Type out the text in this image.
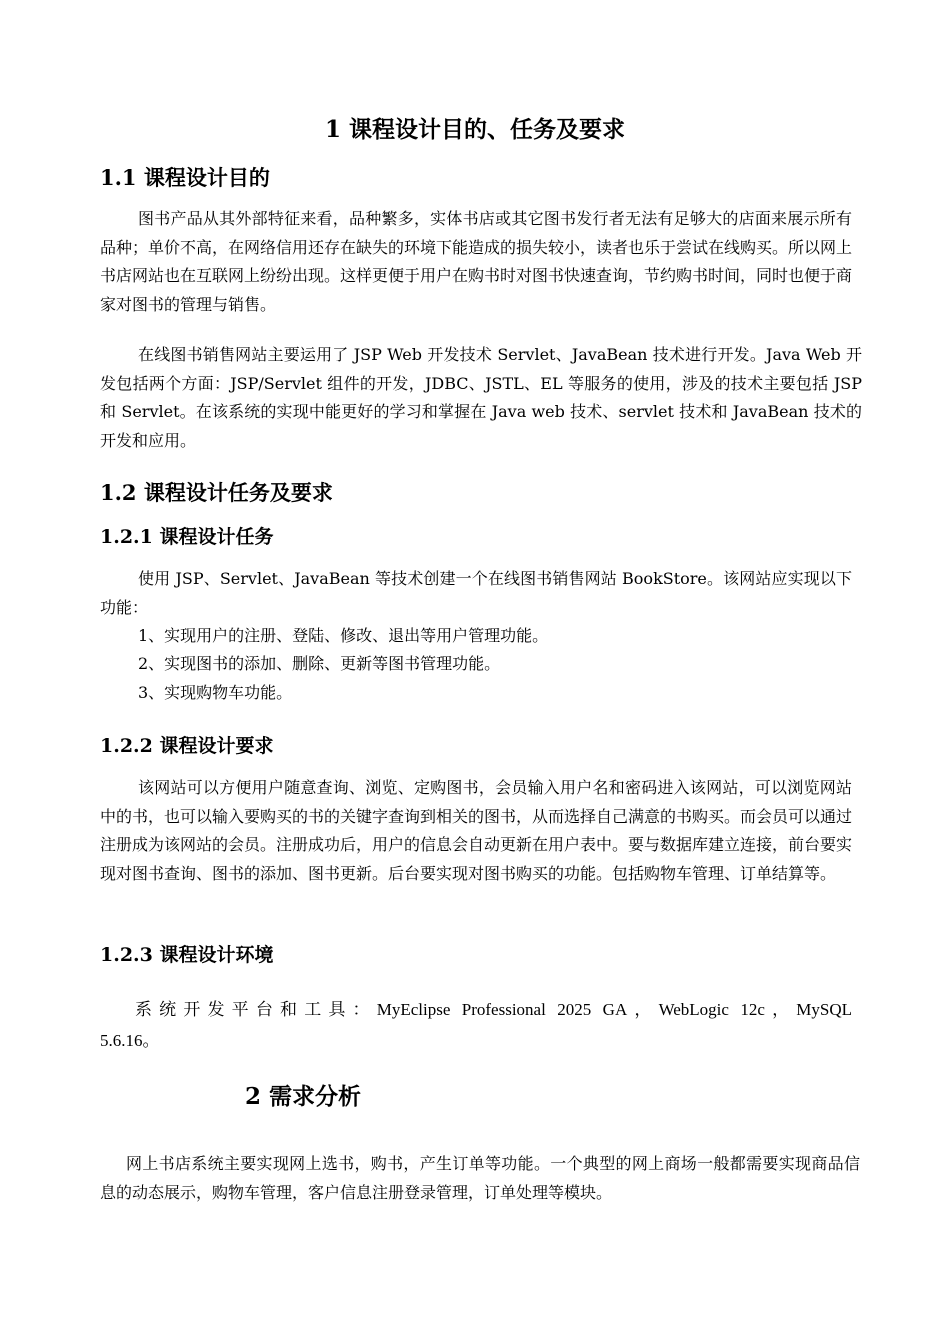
1 课程设计目的、任务及要求
1.1 课程设计目的

图书产品从其外部特征来看，品种繁多，实体书店或其它图书发行者无法有足够大的店面来展示所有品种；单价不高，在网络信用还存在缺失的环境下能造成的损失较小，读者也乐于尝试在线购买。所以网上书店网站也在互联网上纷纷出现。这样更便于用户在购书时对图书快速查询，节约购书时间，同时也便于商家对图书的管理与销售。

在线图书销售网站主要运用了 JSP Web 开发技术 Servlet、JavaBean 技术进行开发。Java Web 开发包括两个方面：JSP/Servlet 组件的开发，JDBC、JSTL、EL 等服务的使用，涉及的技术主要包括 JSP 和 Servlet。在该系统的实现中能更好的学习和掌握在 Java web 技术、servlet 技术和 JavaBean 技术的开发和应用。

1.2 课程设计任务及要求
1.2.1 课程设计任务

使用 JSP、Servlet、JavaBean 等技术创建一个在线图书销售网站 BookStore。该网站应实现以下功能：

1、实现用户的注册、登陆、修改、退出等用户管理功能。
2、实现图书的添加、删除、更新等图书管理功能。
3、实现购物车功能。
1.2.2 课程设计要求

该网站可以方便用户随意查询、浏览、定购图书，会员输入用户名和密码进入该网站，可以浏览网站中的书，也可以输入要购买的书的关键字查询到相关的图书，从而选择自己满意的书购买。而会员可以通过注册成为该网站的会员。注册成功后，用户的信息会自动更新在用户表中。要与数据库建立连接，前台要实现对图书查询、图书的添加、图书更新。后台要实现对图书购买的功能。包括购物车管理、订单结算等。

1.2.3 课程设计环境

系统开发平台和工具：MyEclipse Professional 2025 GA，WebLogic 12c，MySQL

5.6.16。
2 需求分析

网上书店系统主要实现网上选书，购书，产生订单等功能。一个典型的网上商场一般都需要实现商品信息的动态展示，购物车管理，客户信息注册登录管理，订单处理等模块。
